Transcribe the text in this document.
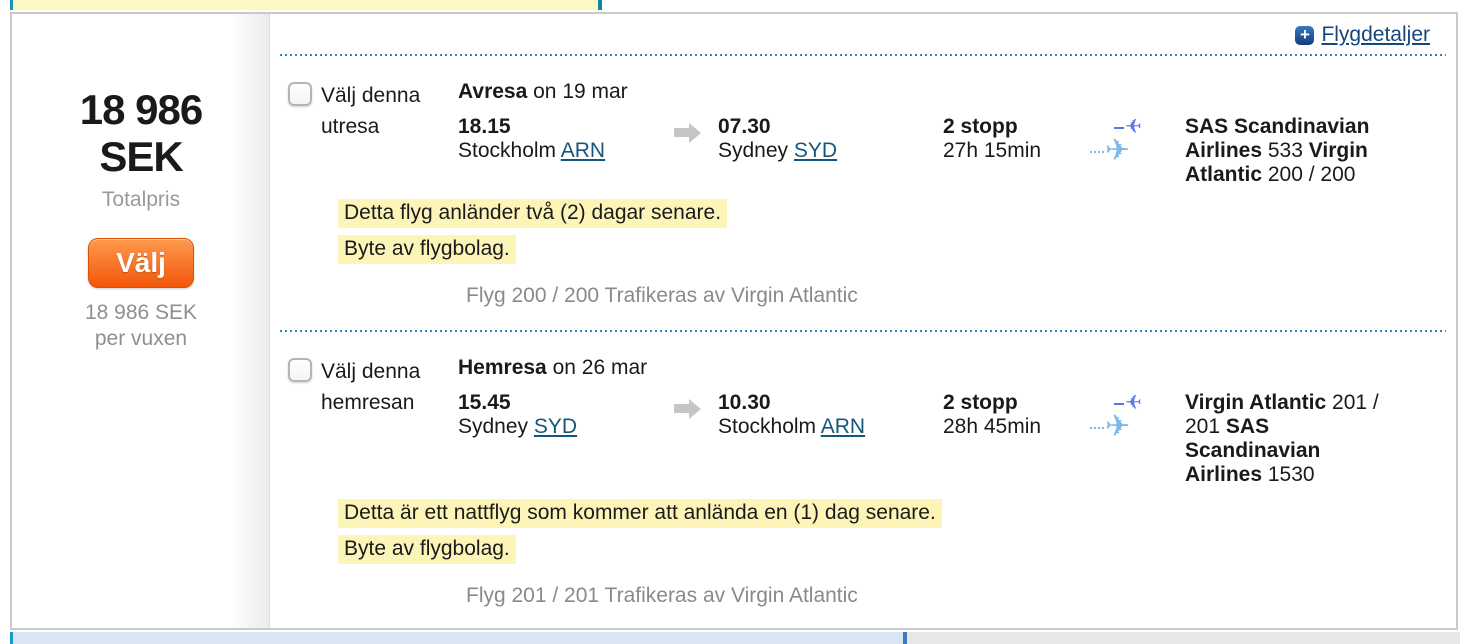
18 986
SEK
Totalpris
Välj
18 986 SEK
per vuxen
+ Flygdetaljer
Välj denna
utresa
Avresa on 19 mar
18.15
Stockholm ARN
07.30
Sydney SYD
2 stopp
27h 15min
✈
✈
SAS Scandinavian Airlines 533 Virgin Atlantic 200 / 200
Detta flyg anländer två (2) dagar senare.
Byte av flygbolag.
Flyg 200 / 200 Trafikeras av Virgin Atlantic
Välj denna
hemresan
Hemresa on 26 mar
15.45
Sydney SYD
10.30
Stockholm ARN
2 stopp
28h 45min
✈
✈
Virgin Atlantic 201 / 201 SAS Scandinavian Airlines 1530
Detta är ett nattflyg som kommer att anlända en (1) dag senare.
Byte av flygbolag.
Flyg 201 / 201 Trafikeras av Virgin Atlantic
